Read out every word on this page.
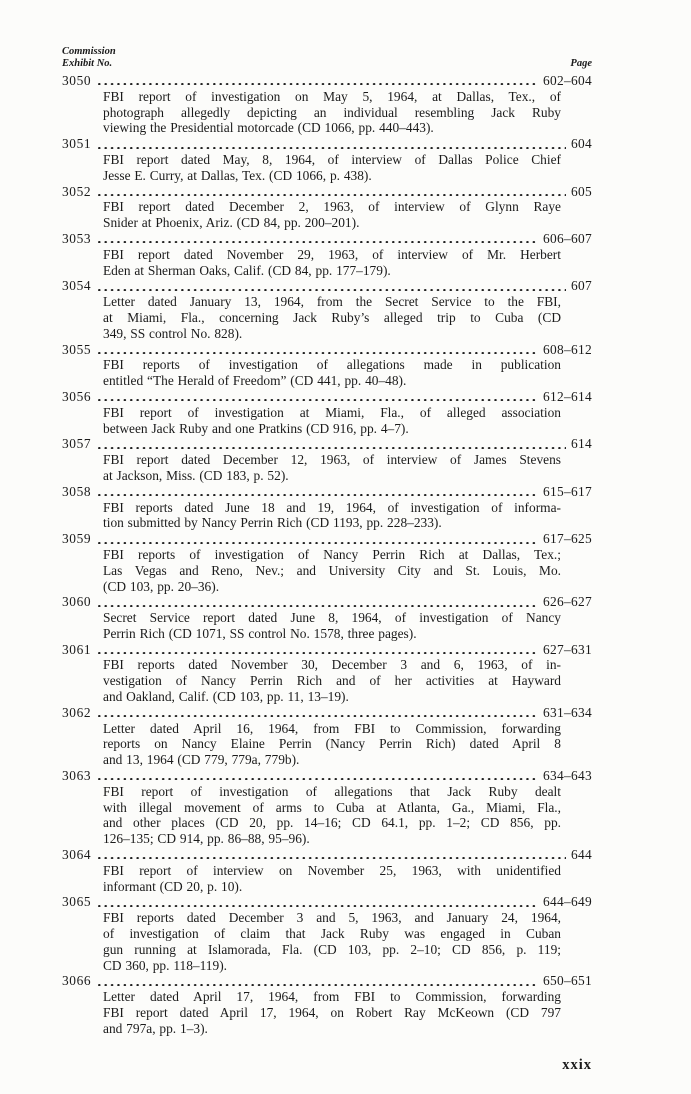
Commission
Exhibit No.	Page
3050	602–604
FBI report of investigation on May 5, 1964, at Dallas, Tex., of
photograph allegedly depicting an individual resembling Jack Ruby
viewing the Presidential motorcade (CD 1066, pp. 440–443).
3051	604
FBI report dated May, 8, 1964, of interview of Dallas Police Chief
Jesse E. Curry, at Dallas, Tex. (CD 1066, p. 438).
3052	605
FBI report dated December 2, 1963, of interview of Glynn Raye
Snider at Phoenix, Ariz. (CD 84, pp. 200–201).
3053	606–607
FBI report dated November 29, 1963, of interview of Mr. Herbert
Eden at Sherman Oaks, Calif. (CD 84, pp. 177–179).
3054	607
Letter dated January 13, 1964, from the Secret Service to the FBI,
at Miami, Fla., concerning Jack Ruby’s alleged trip to Cuba (CD
349, SS control No. 828).
3055	608–612
FBI reports of investigation of allegations made in publication
entitled “The Herald of Freedom” (CD 441, pp. 40–48).
3056	612–614
FBI report of investigation at Miami, Fla., of alleged association
between Jack Ruby and one Pratkins (CD 916, pp. 4–7).
3057	614
FBI report dated December 12, 1963, of interview of James Stevens
at Jackson, Miss. (CD 183, p. 52).
3058	615–617
FBI reports dated June 18 and 19, 1964, of investigation of informa-
tion submitted by Nancy Perrin Rich (CD 1193, pp. 228–233).
3059	617–625
FBI reports of investigation of Nancy Perrin Rich at Dallas, Tex.;
Las Vegas and Reno, Nev.; and University City and St. Louis, Mo.
(CD 103, pp. 20–36).
3060	626–627
Secret Service report dated June 8, 1964, of investigation of Nancy
Perrin Rich (CD 1071, SS control No. 1578, three pages).
3061	627–631
FBI reports dated November 30, December 3 and 6, 1963, of in-
vestigation of Nancy Perrin Rich and of her activities at Hayward
and Oakland, Calif. (CD 103, pp. 11, 13–19).
3062	631–634
Letter dated April 16, 1964, from FBI to Commission, forwarding
reports on Nancy Elaine Perrin (Nancy Perrin Rich) dated April 8
and 13, 1964 (CD 779, 779a, 779b).
3063	634–643
FBI report of investigation of allegations that Jack Ruby dealt
with illegal movement of arms to Cuba at Atlanta, Ga., Miami, Fla.,
and other places (CD 20, pp. 14–16; CD 64.1, pp. 1–2; CD 856, pp.
126–135; CD 914, pp. 86–88, 95–96).
3064	644
FBI report of interview on November 25, 1963, with unidentified
informant (CD 20, p. 10).
3065	644–649
FBI reports dated December 3 and 5, 1963, and January 24, 1964,
of investigation of claim that Jack Ruby was engaged in Cuban
gun running at Islamorada, Fla. (CD 103, pp. 2–10; CD 856, p. 119;
CD 360, pp. 118–119).
3066	650–651
Letter dated April 17, 1964, from FBI to Commission, forwarding
FBI report dated April 17, 1964, on Robert Ray McKeown (CD 797
and 797a, pp. 1–3).
xxix
